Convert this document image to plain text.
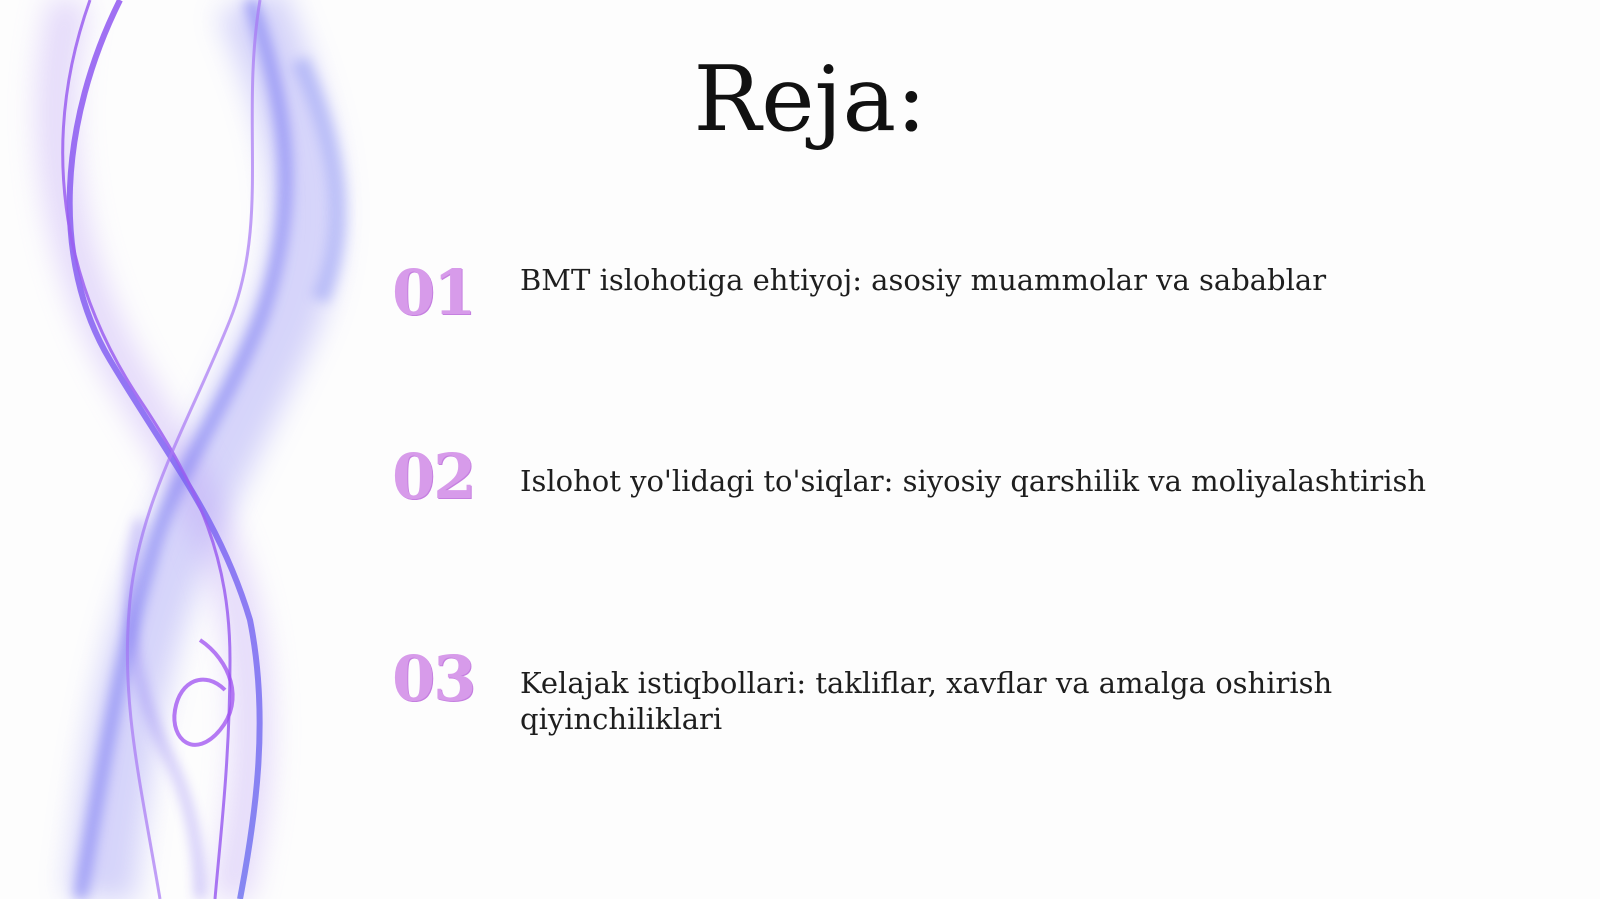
Reja:
01	BMT islohotiga ehtiyoj: asosiy muammolar va sabablar
02	Islohot yo'lidagi to'siqlar: siyosiy qarshilik va moliyalashtirish
03	Kelajak istiqbollari: takliflar, xavflar va amalga oshirish qiyinchiliklari
